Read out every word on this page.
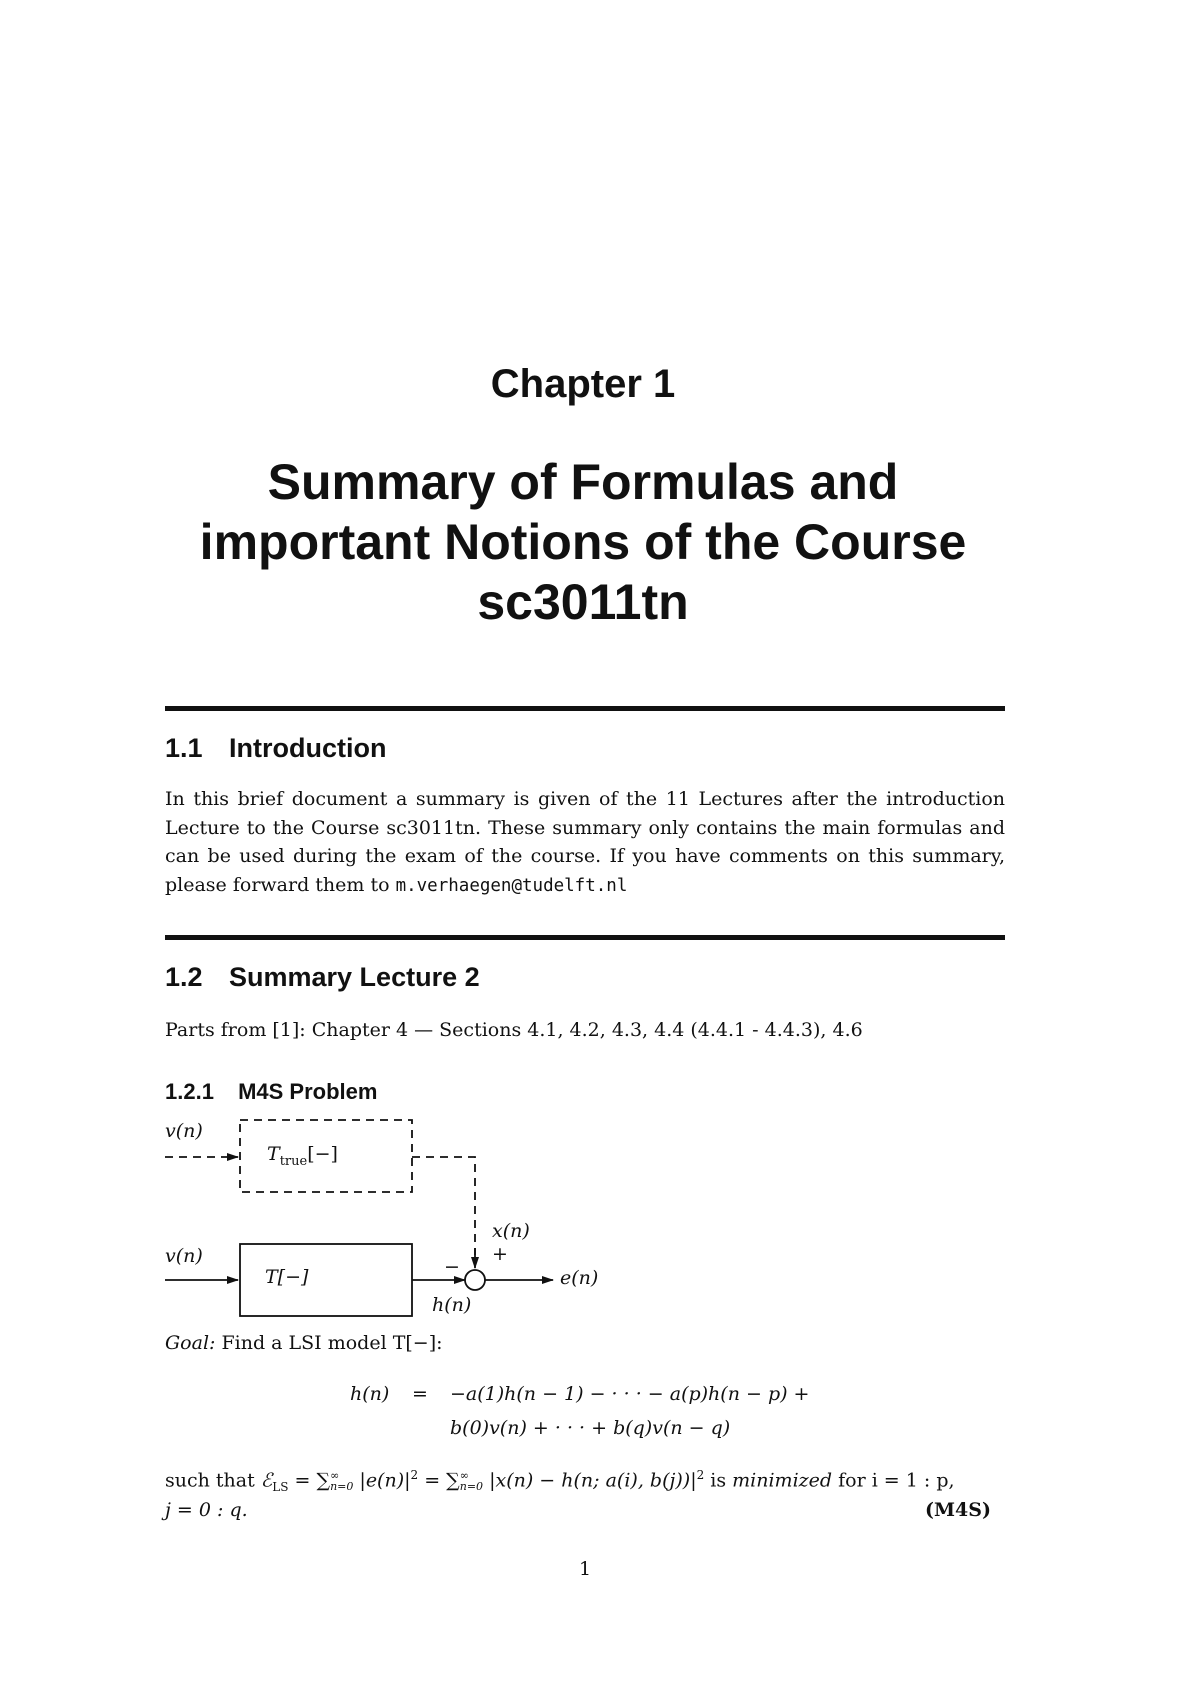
Chapter 1
Summary of Formulas and
important Notions of the Course
sc3011tn
1.1 Introduction
In this brief document a summary is given of the 11 Lectures after the introduction Lecture to the Course sc3011tn. These summary only contains the main formulas and can be used during the exam of the course. If you have comments on this summary, please forward them to m.verhaegen@tudelft.nl
1.2 Summary Lecture 2
Parts from [1]: Chapter 4 — Sections 4.1, 4.2, 4.3, 4.4 (4.4.1 - 4.4.3), 4.6
1.2.1 M4S Problem
v(n)
$T_{true}[-]$
v(n)
T[−]
x(n)
+
−
h(n)
e(n)
Goal: Find a LSI model T[−]:
h(n) = −a(1)h(n − 1) − · · · − a(p)h(n − p) +
b(0)v(n) + · · · + b(q)v(n − q)
such that ℰ$_{LS}$ = ∑ ∞
n=0 $|e(n)|^2$ = ∑ ∞
n=0 |x(n) − h(n; a(i), $b(j))|^2$ is minimized for i = 1 : p,
j = 0 : q.	(M4S)
1
